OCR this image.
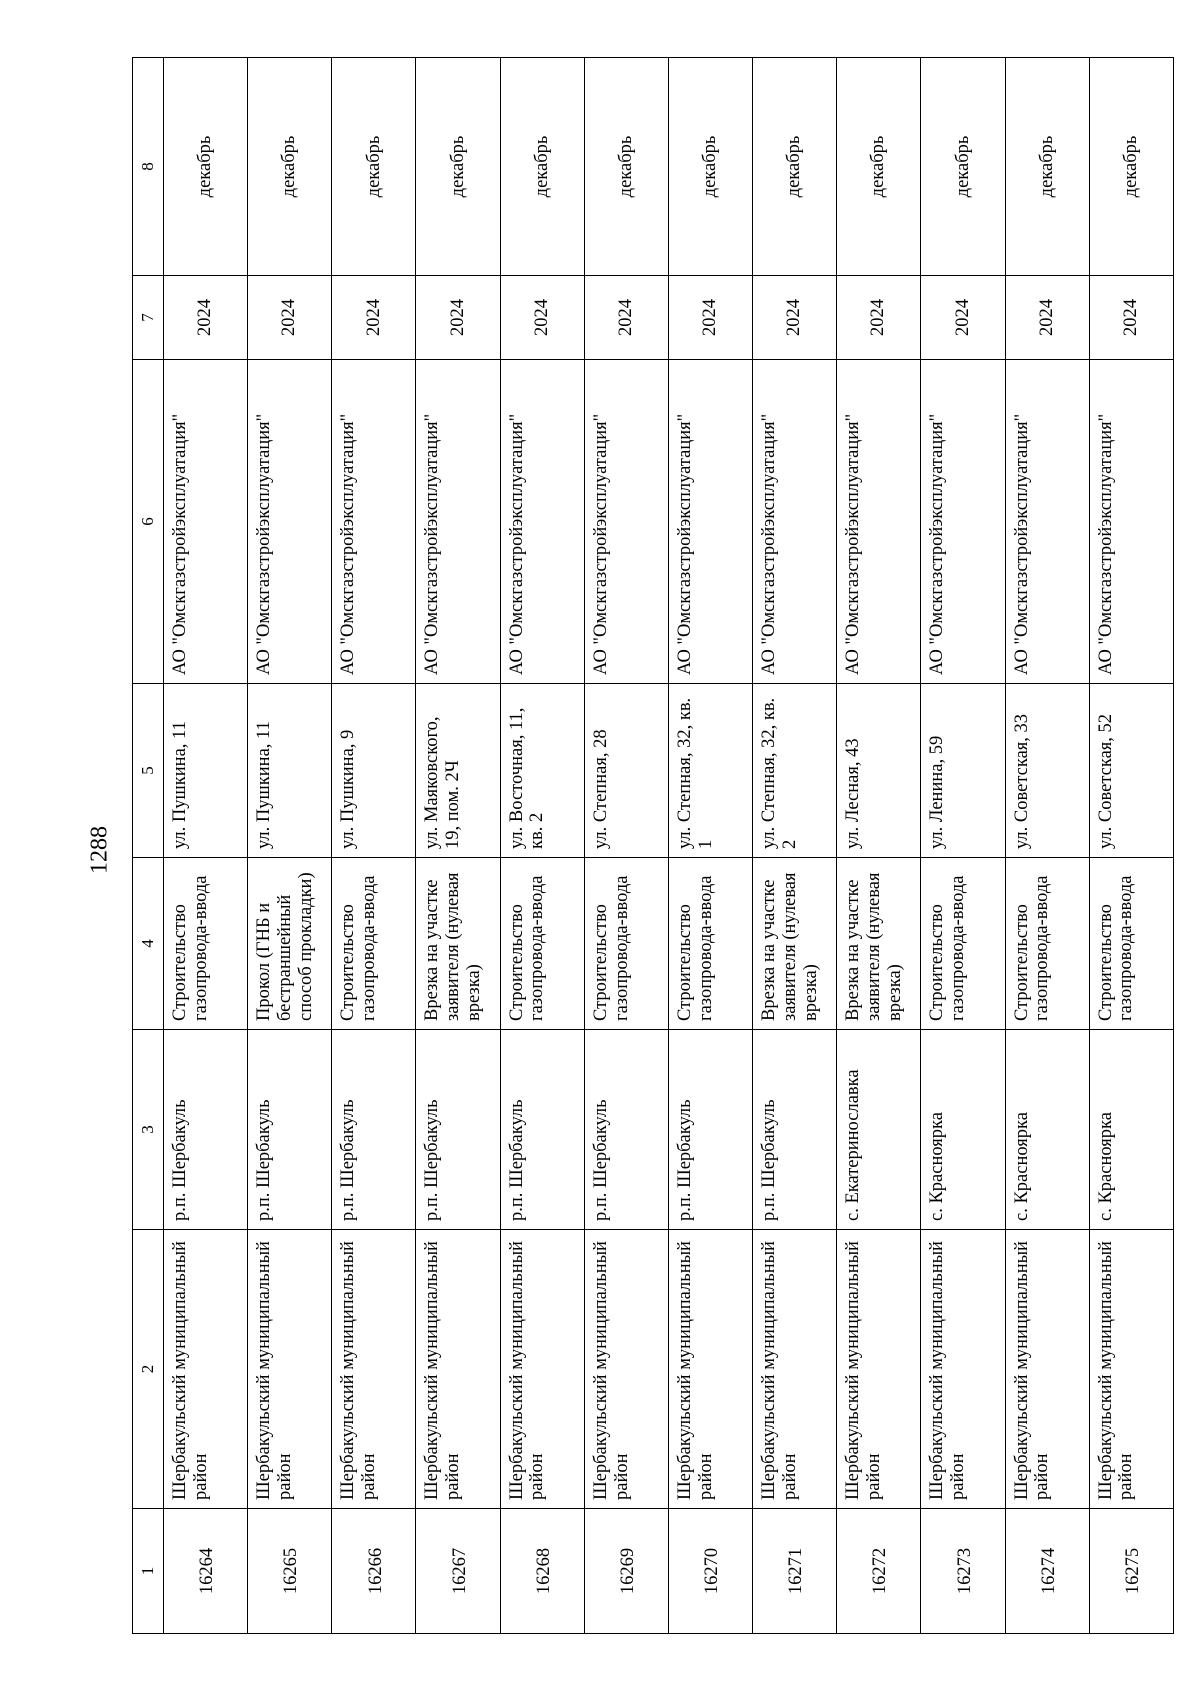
1288
1	2	3	4	5	6	7	8
16264	Шербакульский муниципальный район	р.п. Шербакуль	Строительство газопровода-ввода	ул. Пушкина, 11	АО "Омскгазстройэксплуатация"	2024	декабрь
16265	Шербакульский муниципальный район	р.п. Шербакуль	Прокол (ГНБ и бестраншейный способ прокладки)	ул. Пушкина, 11	АО "Омскгазстройэксплуатация"	2024	декабрь
16266	Шербакульский муниципальный район	р.п. Шербакуль	Строительство газопровода-ввода	ул. Пушкина, 9	АО "Омскгазстройэксплуатация"	2024	декабрь
16267	Шербакульский муниципальный район	р.п. Шербакуль	Врезка на участке заявителя (нулевая врезка)	ул. Маяковского, 19, пом. 2Ч	АО "Омскгазстройэксплуатация"	2024	декабрь
16268	Шербакульский муниципальный район	р.п. Шербакуль	Строительство газопровода-ввода	ул. Восточная, 11, кв. 2	АО "Омскгазстройэксплуатация"	2024	декабрь
16269	Шербакульский муниципальный район	р.п. Шербакуль	Строительство газопровода-ввода	ул. Степная, 28	АО "Омскгазстройэксплуатация"	2024	декабрь
16270	Шербакульский муниципальный район	р.п. Шербакуль	Строительство газопровода-ввода	ул. Степная, 32, кв. 1	АО "Омскгазстройэксплуатация"	2024	декабрь
16271	Шербакульский муниципальный район	р.п. Шербакуль	Врезка на участке заявителя (нулевая врезка)	ул. Степная, 32, кв. 2	АО "Омскгазстройэксплуатация"	2024	декабрь
16272	Шербакульский муниципальный район	с. Екатеринославка	Врезка на участке заявителя (нулевая врезка)	ул. Лесная, 43	АО "Омскгазстройэксплуатация"	2024	декабрь
16273	Шербакульский муниципальный район	с. Красноярка	Строительство газопровода-ввода	ул. Ленина, 59	АО "Омскгазстройэксплуатация"	2024	декабрь
16274	Шербакульский муниципальный район	с. Красноярка	Строительство газопровода-ввода	ул. Советская, 33	АО "Омскгазстройэксплуатация"	2024	декабрь
16275	Шербакульский муниципальный район	с. Красноярка	Строительство газопровода-ввода	ул. Советская, 52	АО "Омскгазстройэксплуатация"	2024	декабрь
